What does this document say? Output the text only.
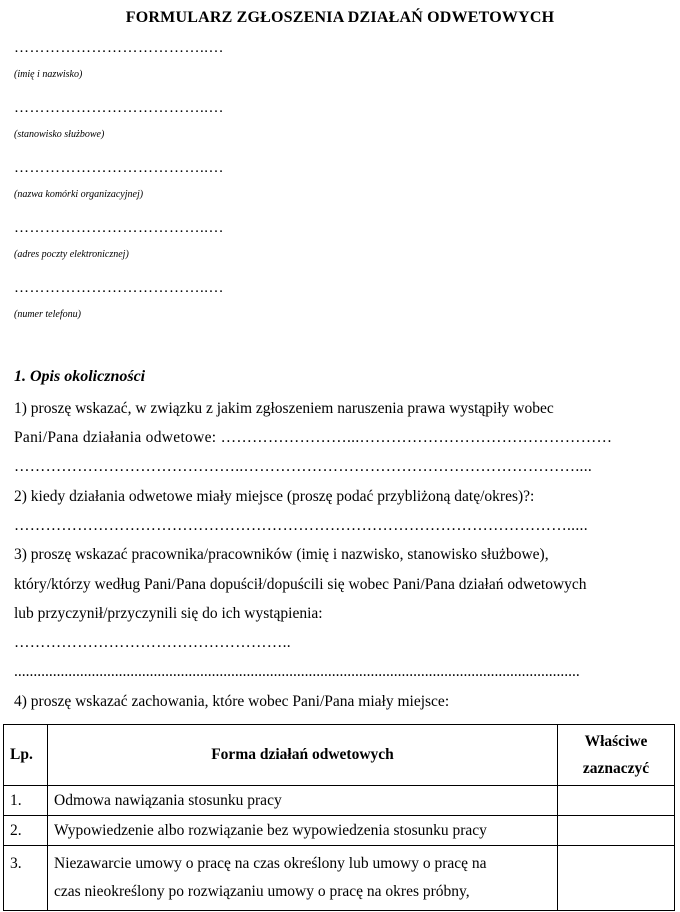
FORMULARZ ZGŁOSZENIA DZIAŁAŃ ODWETOWYCH
………………………………..…
(imię i nazwisko)
………………………………..…
(stanowisko służbowe)
………………………………..…
(nazwa komórki organizacyjnej)
………………………………..…
(adres poczty elektronicznej)
………………………………..…
(numer telefonu)
1. Opis okoliczności
1) proszę wskazać, w związku z jakim zgłoszeniem naruszenia prawa wystąpiły wobec
Pani/Pana działania odwetowe: ……………………...…………………………………………
……………………………………..………………………………………………………....
2) kiedy działania odwetowe miały miejsce (proszę podać przybliżoną datę/okres)?:
…………………………………………………………………………………………….....
3) proszę wskazać pracownika/pracowników (imię i nazwisko, stanowisko służbowe),
który/którzy według Pani/Pana dopuścił/dopuścili się wobec Pani/Pana działań odwetowych
lub przyczynił/przyczynili się do ich wystąpienia:
……………………………………………..
..................................................................................................................................................
4) proszę wskazać zachowania, które wobec Pani/Pana miały miejsce:
Lp.	Forma działań odwetowych	Właściwe
zaznaczyć
1.	Odmowa nawiązania stosunku pracy	
2.	Wypowiedzenie albo rozwiązanie bez wypowiedzenia stosunku pracy	
3.	Niezawarcie umowy o pracę na czas określony lub umowy o pracę na
czas nieokreślony po rozwiązaniu umowy o pracę na okres próbny,	
